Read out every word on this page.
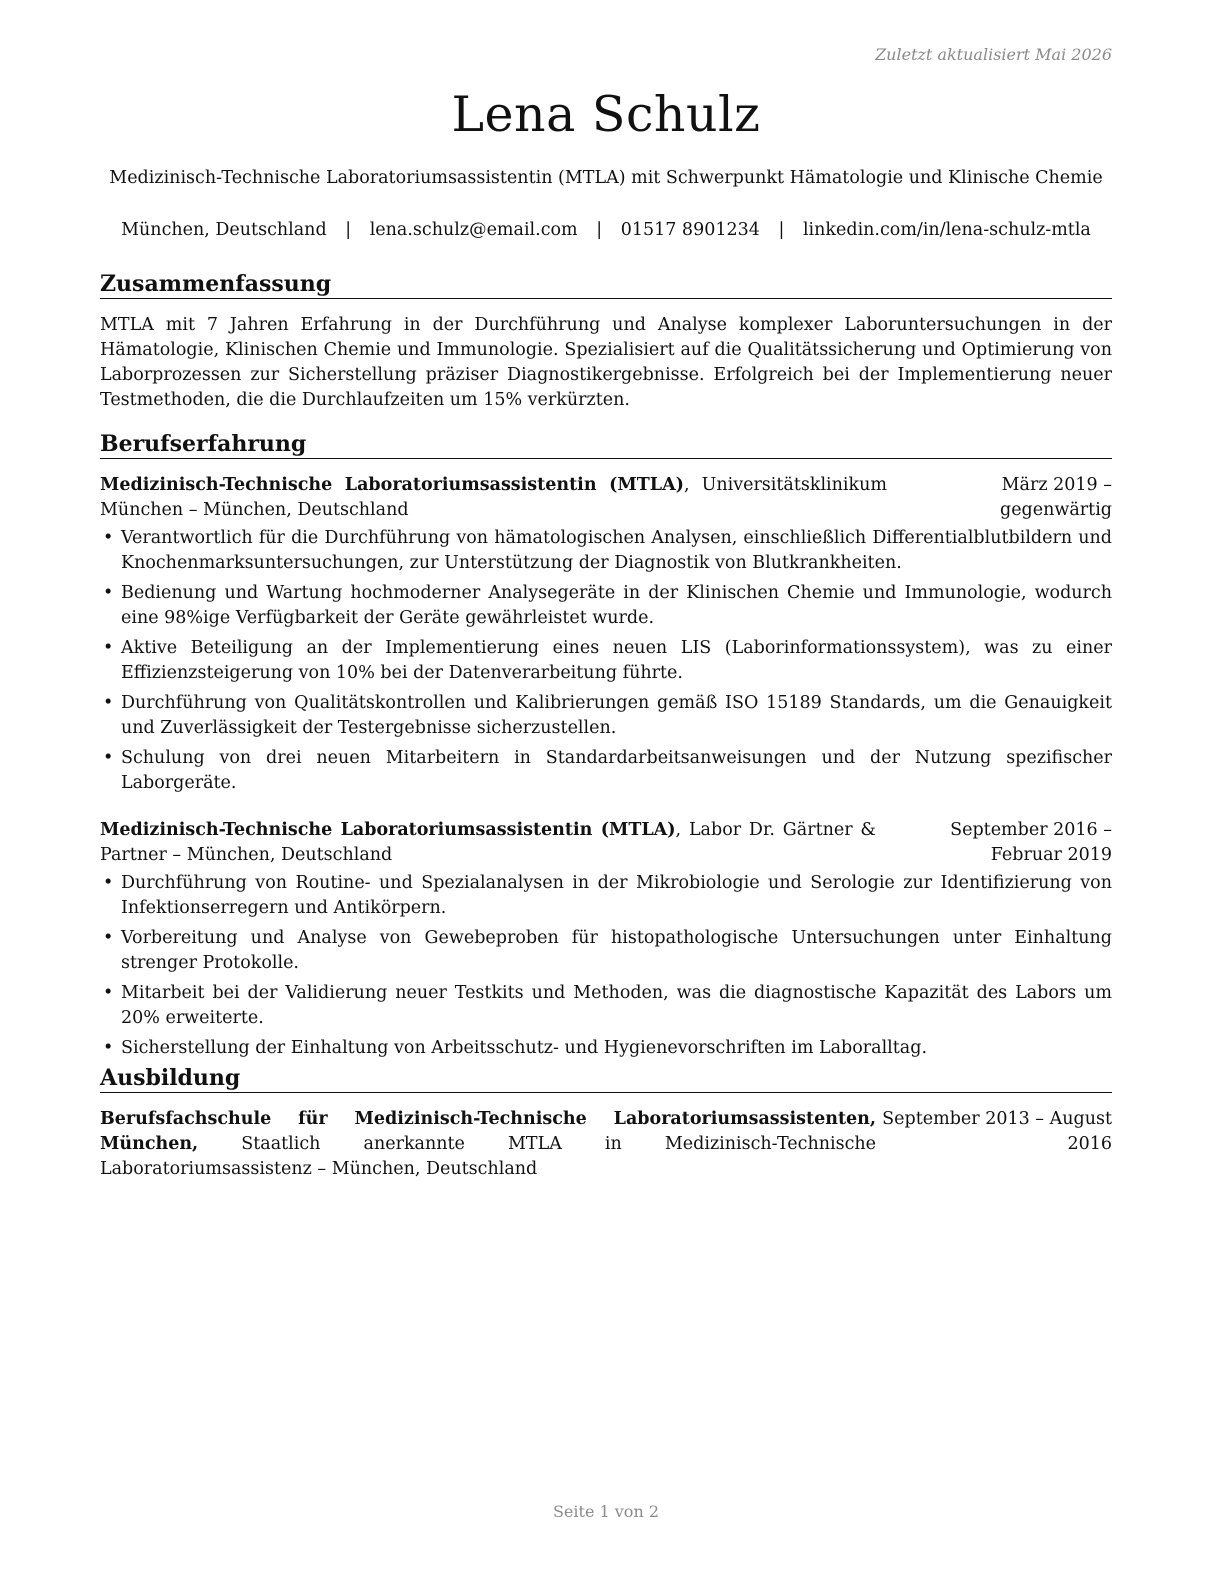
Zuletzt aktualisiert Mai 2026
Lena Schulz
Medizinisch-Technische Laboratoriumsassistentin (MTLA) mit Schwerpunkt Hämatologie und Klinische Chemie
München, Deutschland | lena.schulz@email.com | 01517 8901234 | linkedin.com/in/lena-schulz-mtla
Zusammenfassung

MTLA mit 7 Jahren Erfahrung in der Durchführung und Analyse komplexer Laboruntersuchungen in der Hämatologie, Klinischen Chemie und Immunologie. Spezialisiert auf die Qualitätssicherung und Optimierung von Laborprozessen zur Sicherstellung präziser Diagnostikergebnisse. Erfolgreich bei der Implementierung neuer Testmethoden, die die Durchlaufzeiten um 15% verkürzten.

Berufserfahrung
Medizinisch-Technische Laboratoriumsassistentin (MTLA), Universitätsklinikum München – München, Deutschland
März 2019 – gegenwärtig
• Verantwortlich für die Durchführung von hämatologischen Analysen, einschließlich Differentialblutbildern und Knochenmarksuntersuchungen, zur Unterstützung der Diagnostik von Blutkrankheiten.
• Bedienung und Wartung hochmoderner Analysegeräte in der Klinischen Chemie und Immunologie, wodurch eine 98%ige Verfügbarkeit der Geräte gewährleistet wurde.
• Aktive Beteiligung an der Implementierung eines neuen LIS (Laborinformationssystem), was zu einer Effizienzsteigerung von 10% bei der Datenverarbeitung führte.
• Durchführung von Qualitätskontrollen und Kalibrierungen gemäß ISO 15189 Standards, um die Genauigkeit und Zuverlässigkeit der Testergebnisse sicherzustellen.
• Schulung von drei neuen Mitarbeitern in Standardarbeitsanweisungen und der Nutzung spezifischer Laborgeräte.
Medizinisch-Technische Laboratoriumsassistentin (MTLA), Labor Dr. Gärtner & Partner – München, Deutschland
September 2016 – Februar 2019
• Durchführung von Routine- und Spezialanalysen in der Mikrobiologie und Serologie zur Identifizierung von Infektionserregern und Antikörpern.
• Vorbereitung und Analyse von Gewebeproben für histopathologische Untersuchungen unter Einhaltung strenger Protokolle.
• Mitarbeit bei der Validierung neuer Testkits und Methoden, was die diagnostische Kapazität des Labors um 20% erweiterte.
• Sicherstellung der Einhaltung von Arbeitsschutz- und Hygienevorschriften im Laboralltag.
Ausbildung
Berufsfachschule für Medizinisch-Technische Laboratoriumsassistenten, München, Staatlich anerkannte MTLA in Medizinisch-Technische Laboratoriumsassistenz – München, Deutschland
September 2013 – August 2016
Seite 1 von 2
